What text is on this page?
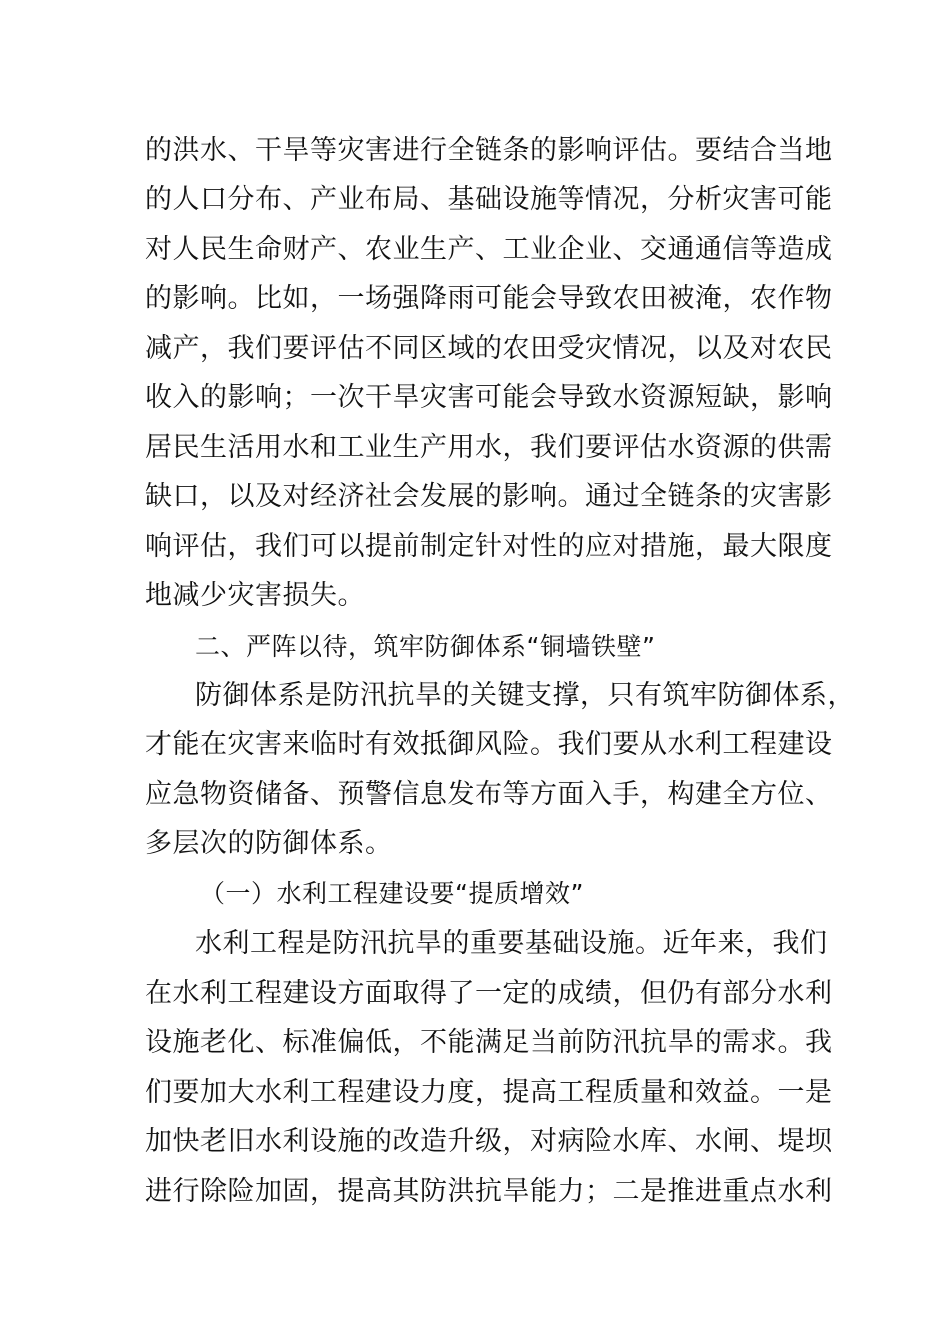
的洪水、干旱等灾害进行全链条的影响评估。要结合当地
的人口分布、产业布局、基础设施等情况，分析灾害可能
对人民生命财产、农业生产、工业企业、交通通信等造成
的影响。比如，一场强降雨可能会导致农田被淹，农作物
减产，我们要评估不同区域的农田受灾情况，以及对农民
收入的影响；一次干旱灾害可能会导致水资源短缺，影响
居民生活用水和工业生产用水，我们要评估水资源的供需
缺口，以及对经济社会发展的影响。通过全链条的灾害影
响评估，我们可以提前制定针对性的应对措施，最大限度
地减少灾害损失。
二、严阵以待，筑牢防御体系“铜墙铁壁”
防御体系是防汛抗旱的关键支撑，只有筑牢防御体系，
才能在灾害来临时有效抵御风险。我们要从水利工程建设
应急物资储备、预警信息发布等方面入手，构建全方位、
多层次的防御体系。
（一）水利工程建设要“提质增效”
水利工程是防汛抗旱的重要基础设施。近年来，我们
在水利工程建设方面取得了一定的成绩，但仍有部分水利
设施老化、标准偏低，不能满足当前防汛抗旱的需求。我
们要加大水利工程建设力度，提高工程质量和效益。一是
加快老旧水利设施的改造升级，对病险水库、水闸、堤坝
进行除险加固，提高其防洪抗旱能力；二是推进重点水利
